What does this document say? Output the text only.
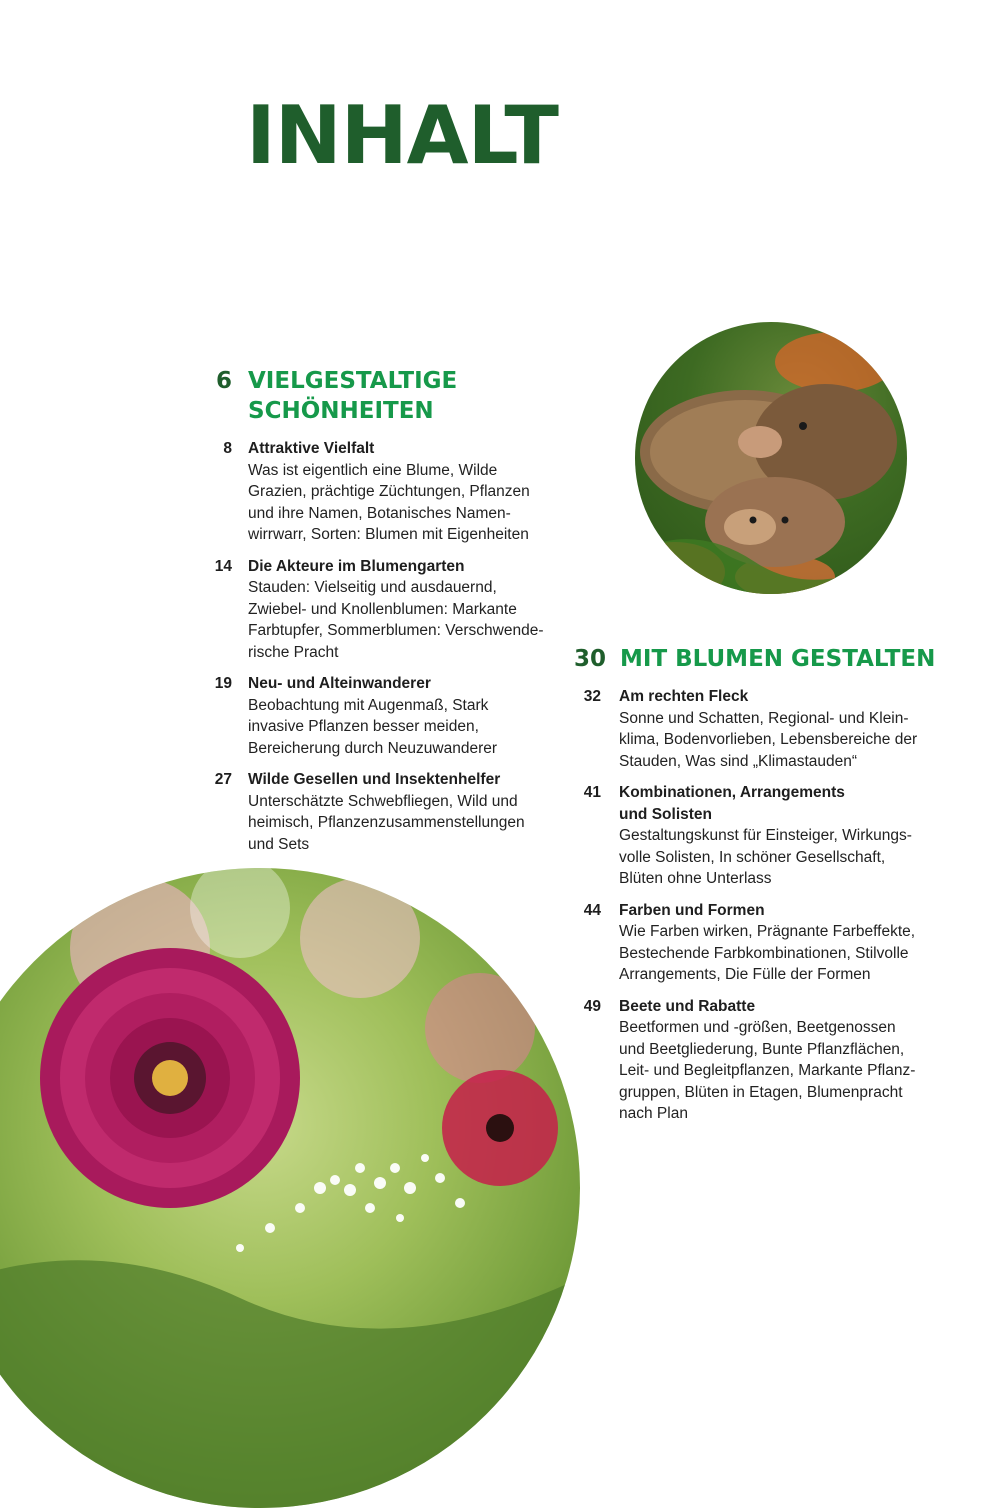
INHALT
6 VIELGESTALTIGE
SCHÖNHEITEN
8 Attraktive Vielfalt
Was ist eigentlich eine Blume, Wilde
Grazien, prächtige Züchtungen, Pflanzen
und ihre Namen, Botanisches Namen-
wirrwarr, Sorten: Blumen mit Eigenheiten
14 Die Akteure im Blumengarten
Stauden: Vielseitig und ausdauernd,
Zwiebel- und Knollenblumen: Markante
Farbtupfer, Sommerblumen: Verschwende-
rische Pracht
19 Neu- und Alteinwanderer
Beobachtung mit Augenmaß, Stark
invasive Pflanzen besser meiden,
Bereicherung durch Neuzuwanderer
27 Wilde Gesellen und Insektenhelfer
Unterschätzte Schwebfliegen, Wild und
heimisch, Pflanzenzusammenstellungen
und Sets
30 MIT BLUMEN GESTALTEN
32 Am rechten Fleck
Sonne und Schatten, Regional- und Klein-
klima, Bodenvorlieben, Lebensbereiche der
Stauden, Was sind „Klimastauden“
41 Kombinationen, Arrangements
und Solisten
Gestaltungskunst für Einsteiger, Wirkungs-
volle Solisten, In schöner Gesellschaft,
Blüten ohne Unterlass
44 Farben und Formen
Wie Farben wirken, Prägnante Farbeffekte,
Bestechende Farbkombinationen, Stilvolle
Arrangements, Die Fülle der Formen
49 Beete und Rabatte
Beetformen und -größen, Beetgenossen
und Beetgliederung, Bunte Pflanzflächen,
Leit- und Begleitpflanzen, Markante Pflanz-
gruppen, Blüten in Etagen, Blumenpracht
nach Plan
